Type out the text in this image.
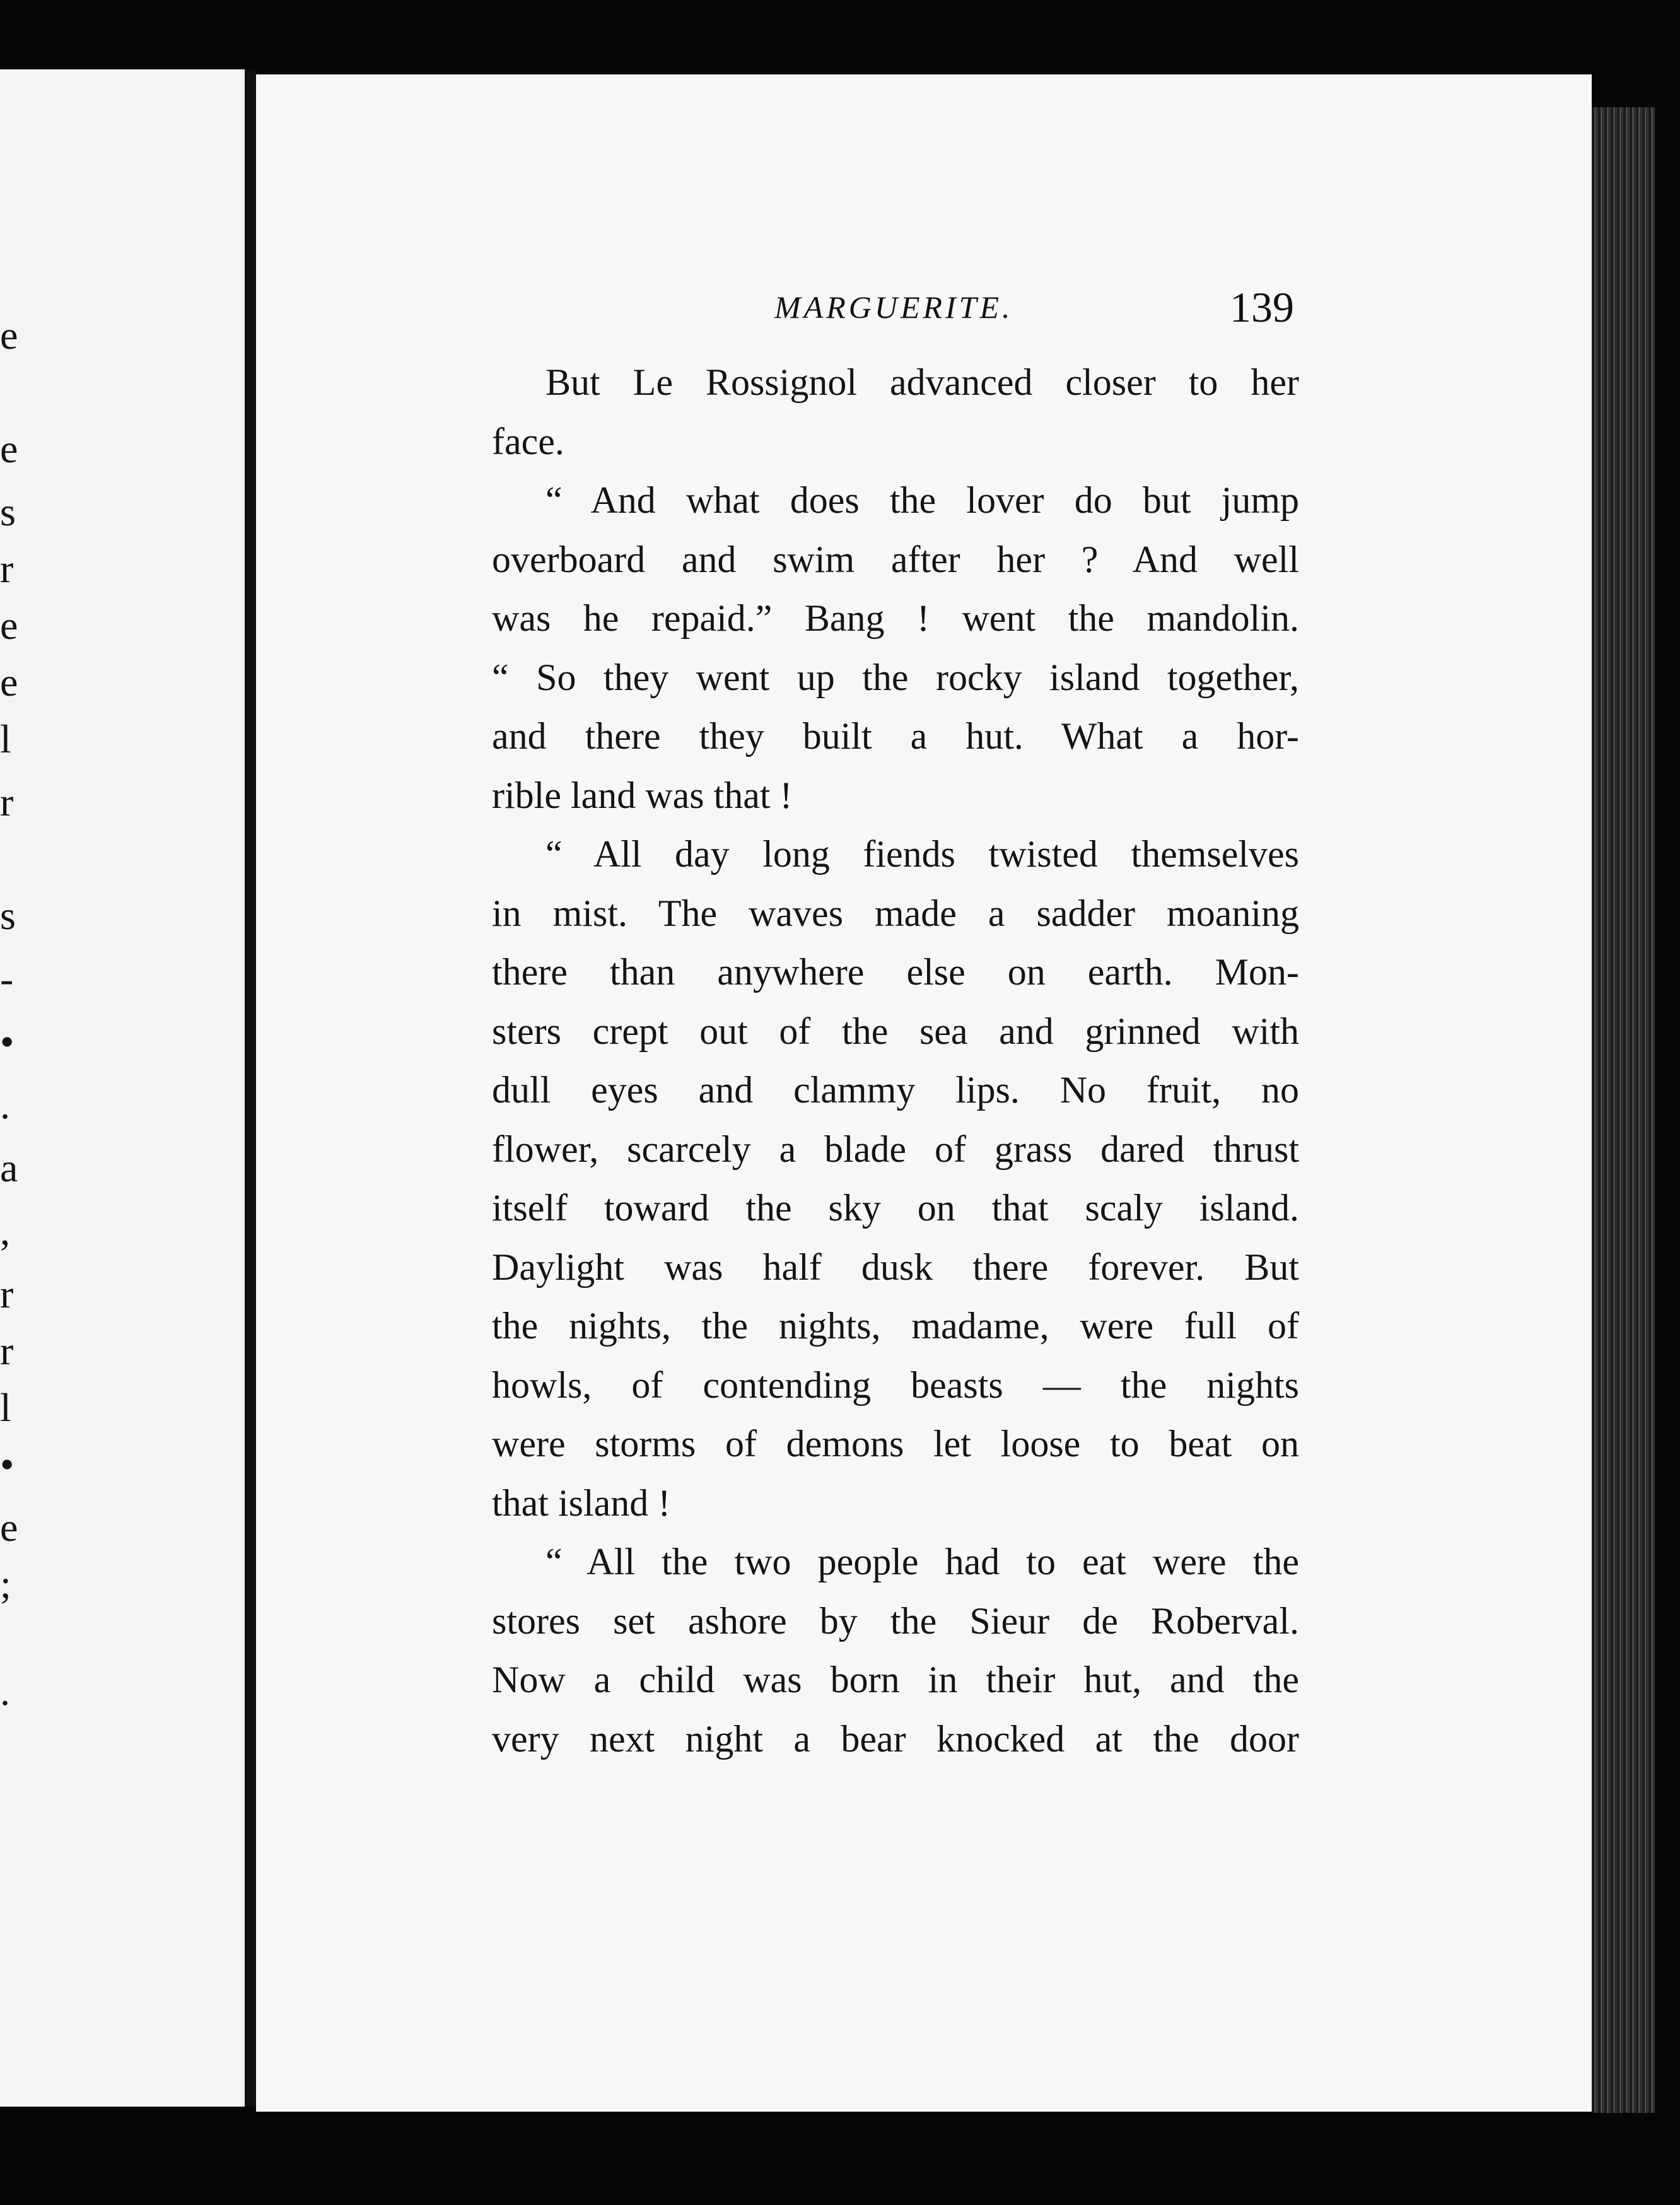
e
e
s
r
e
e
l
r
s
-
•
.
a
,
r
r
l
•
e
;
.
MARGUERITE.	139
But Le Rossignol advanced closer to her
face.
“ And what does the lover do but jump
overboard and swim after her ? And well
was he repaid.” Bang ! went the mandolin.
“ So they went up the rocky island together,
and there they built a hut. What a hor-
rible land was that !
“ All day long fiends twisted themselves
in mist. The waves made a sadder moaning
there than anywhere else on earth. Mon-
sters crept out of the sea and grinned with
dull eyes and clammy lips. No fruit, no
flower, scarcely a blade of grass dared thrust
itself toward the sky on that scaly island.
Daylight was half dusk there forever. But
the nights, the nights, madame, were full of
howls, of contending beasts — the nights
were storms of demons let loose to beat on
that island !
“ All the two people had to eat were the
stores set ashore by the Sieur de Roberval.
Now a child was born in their hut, and the
very next night a bear knocked at the door
